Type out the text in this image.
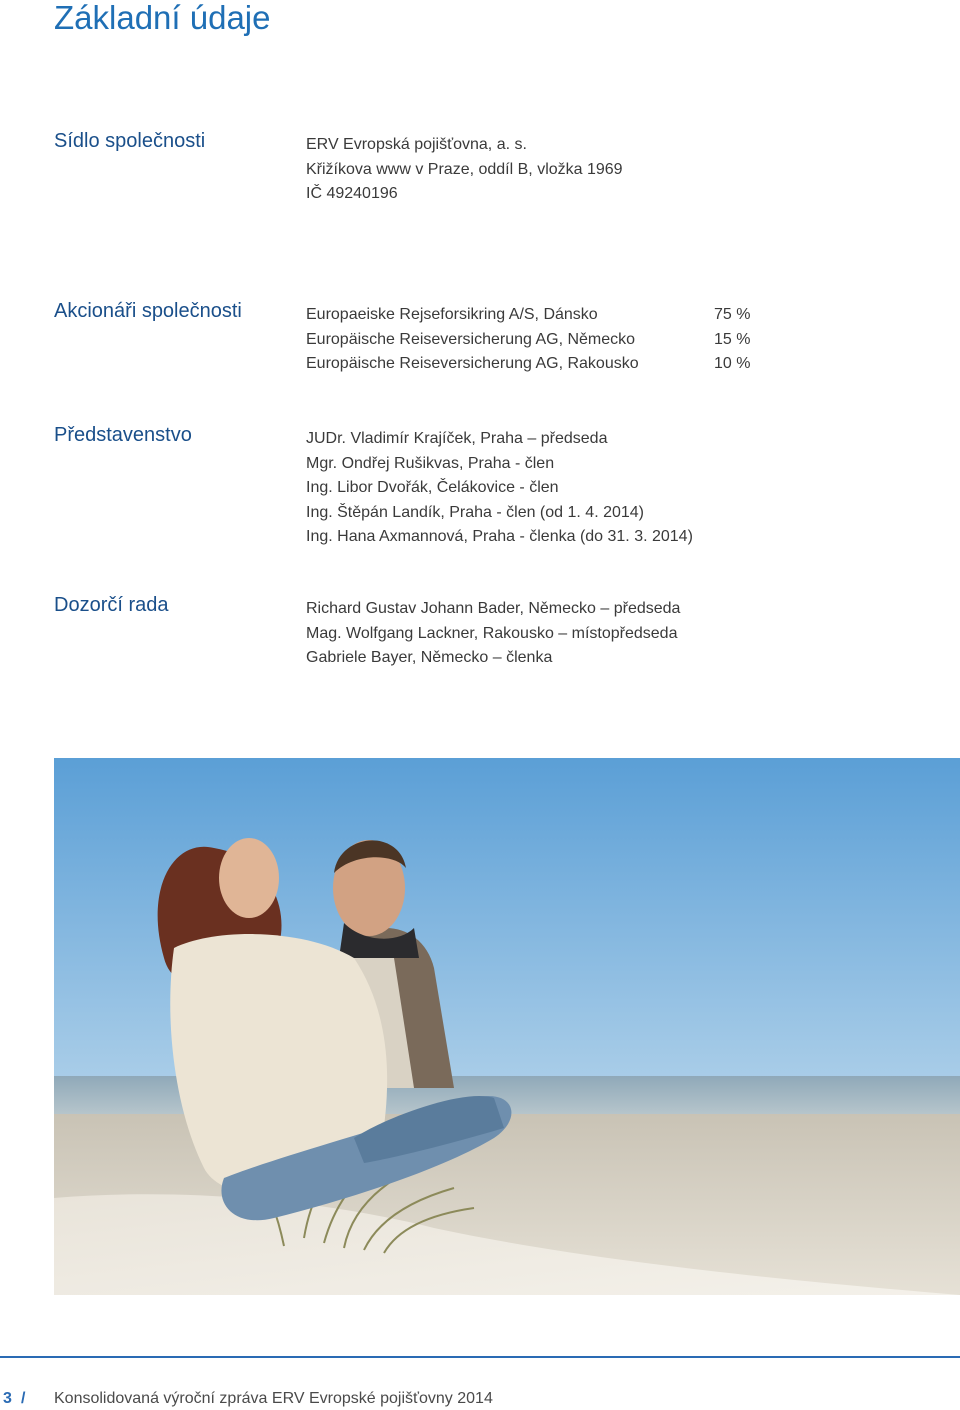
Základní údaje
Sídlo společnosti	ERV Evropská pojišťovna, a. s.
Křižíkova www v Praze, oddíl B, vložka 1969
IČ 49240196
Akcionáři společnosti	Europaeiske Rejseforsikring A/S, Dánsko	75 %
Europäische Reiseversicherung AG, Německo	15 %
Europäische Reiseversicherung AG, Rakousko	10 %
Představenstvo	JUDr. Vladimír Krajíček, Praha – předseda
Mgr. Ondřej Rušikvas, Praha - člen
Ing. Libor Dvořák, Čelákovice - člen
Ing. Štěpán Landík, Praha - člen (od 1. 4. 2014)
Ing. Hana Axmannová, Praha - členka (do 31. 3. 2014)
Dozorčí rada	Richard Gustav Johann Bader, Německo – předseda
Mag. Wolfgang Lackner, Rakousko – místopředseda
Gabriele Bayer, Německo – členka
3 / Konsolidovaná výroční zpráva ERV Evropské pojišťovny 2014
